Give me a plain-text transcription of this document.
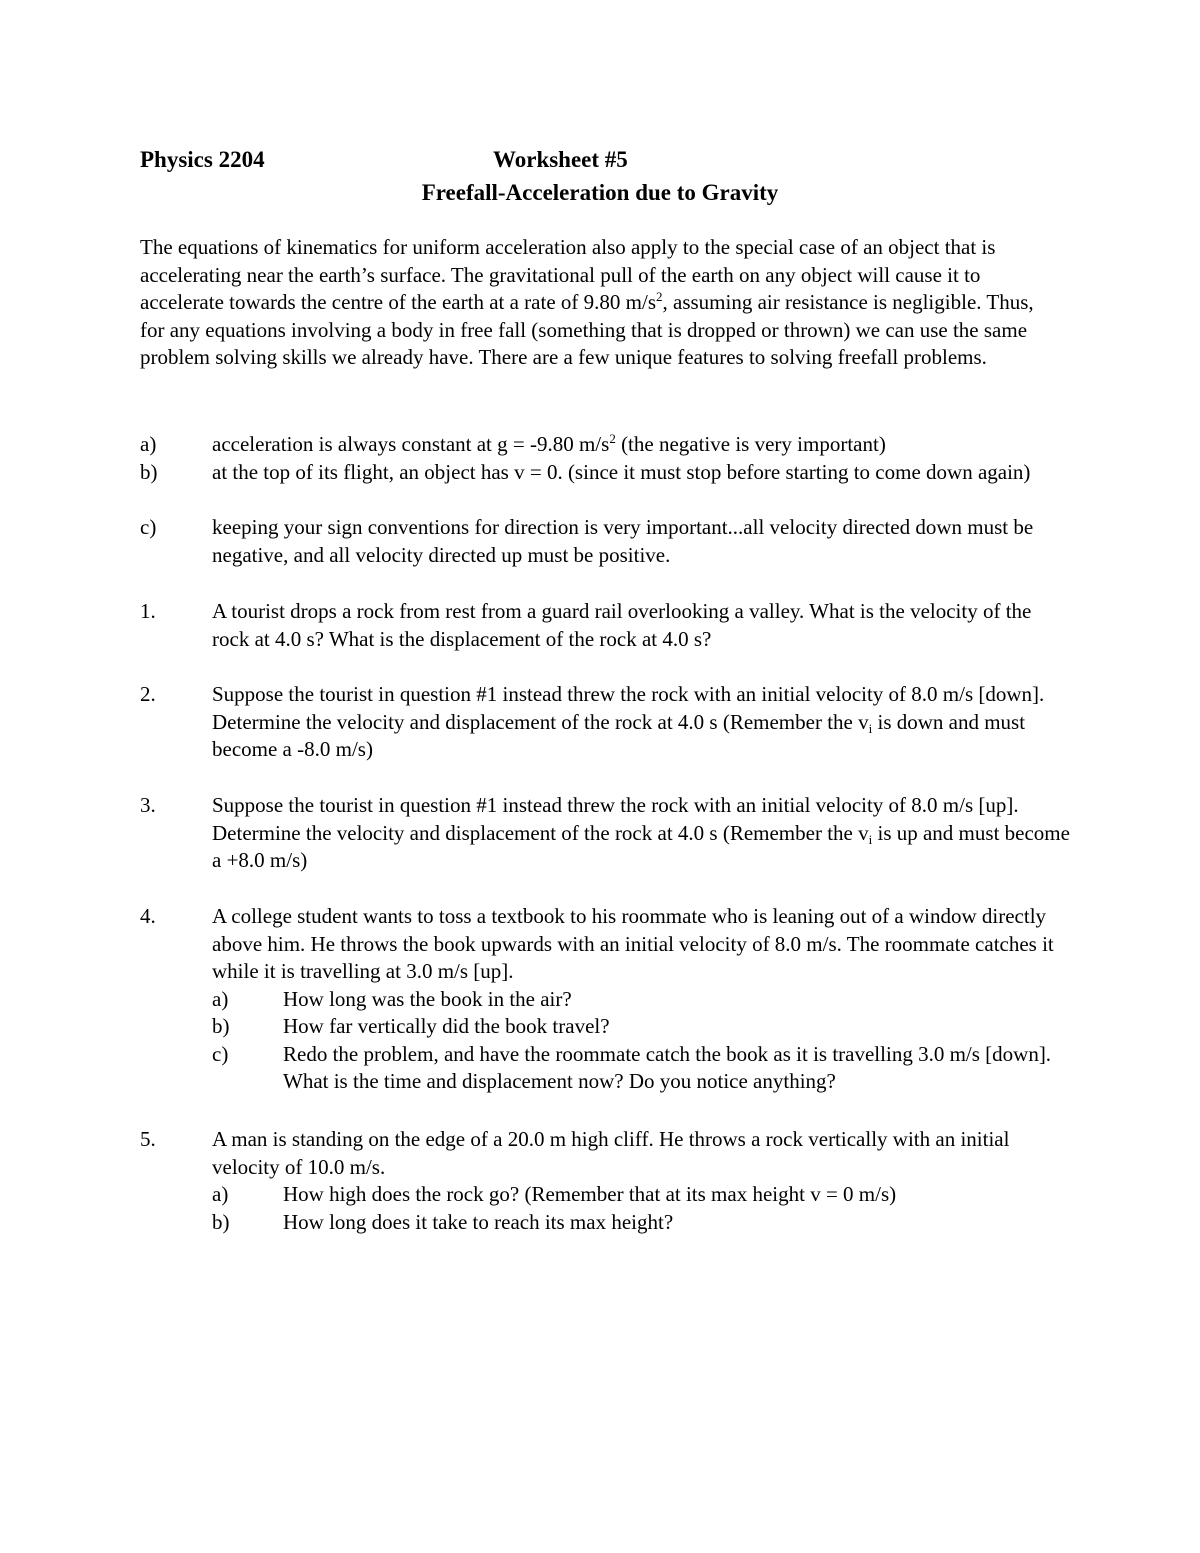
Physics 2204	Worksheet #5
Freefall-Acceleration due to Gravity
The equations of kinematics for uniform acceleration also apply to the special case of an object that is accelerating near the earth’s surface. The gravitational pull of the earth on any object will cause it to accelerate towards the centre of the earth at a rate of 9.80 $m/s^2$, assuming air resistance is negligible. Thus, for any equations involving a body in free fall (something that is dropped or thrown) we can use the same problem solving skills we already have. There are a few unique features to solving freefall problems.
a)	acceleration is always constant at g = -9.80 $m/s^2$ (the negative is very important)
b)	at the top of its flight, an object has v = 0. (since it must stop before starting to come down again)
c)	keeping your sign conventions for direction is very important...all velocity directed down must be negative, and all velocity directed up must be positive.
1.	A tourist drops a rock from rest from a guard rail overlooking a valley. What is the velocity of the rock at 4.0 s? What is the displacement of the rock at 4.0 s?
2.	Suppose the tourist in question #1 instead threw the rock with an initial velocity of 8.0 m/s [down]. Determine the velocity and displacement of the rock at 4.0 s (Remember the $v_i$ is down and must become a -8.0 m/s)
3.	Suppose the tourist in question #1 instead threw the rock with an initial velocity of 8.0 m/s [up]. Determine the velocity and displacement of the rock at 4.0 s (Remember the $v_i$ is up and must become a +8.0 m/s)
4.	A college student wants to toss a textbook to his roommate who is leaning out of a window directly above him. He throws the book upwards with an initial velocity of 8.0 m/s. The roommate catches it while it is travelling at 3.0 m/s [up].
a)	How long was the book in the air?
b)	How far vertically did the book travel?
c)	Redo the problem, and have the roommate catch the book as it is travelling 3.0 m/s [down]. What is the time and displacement now? Do you notice anything?
5.	A man is standing on the edge of a 20.0 m high cliff. He throws a rock vertically with an initial velocity of 10.0 m/s.
a)	How high does the rock go? (Remember that at its max height v = 0 m/s)
b)	How long does it take to reach its max height?
